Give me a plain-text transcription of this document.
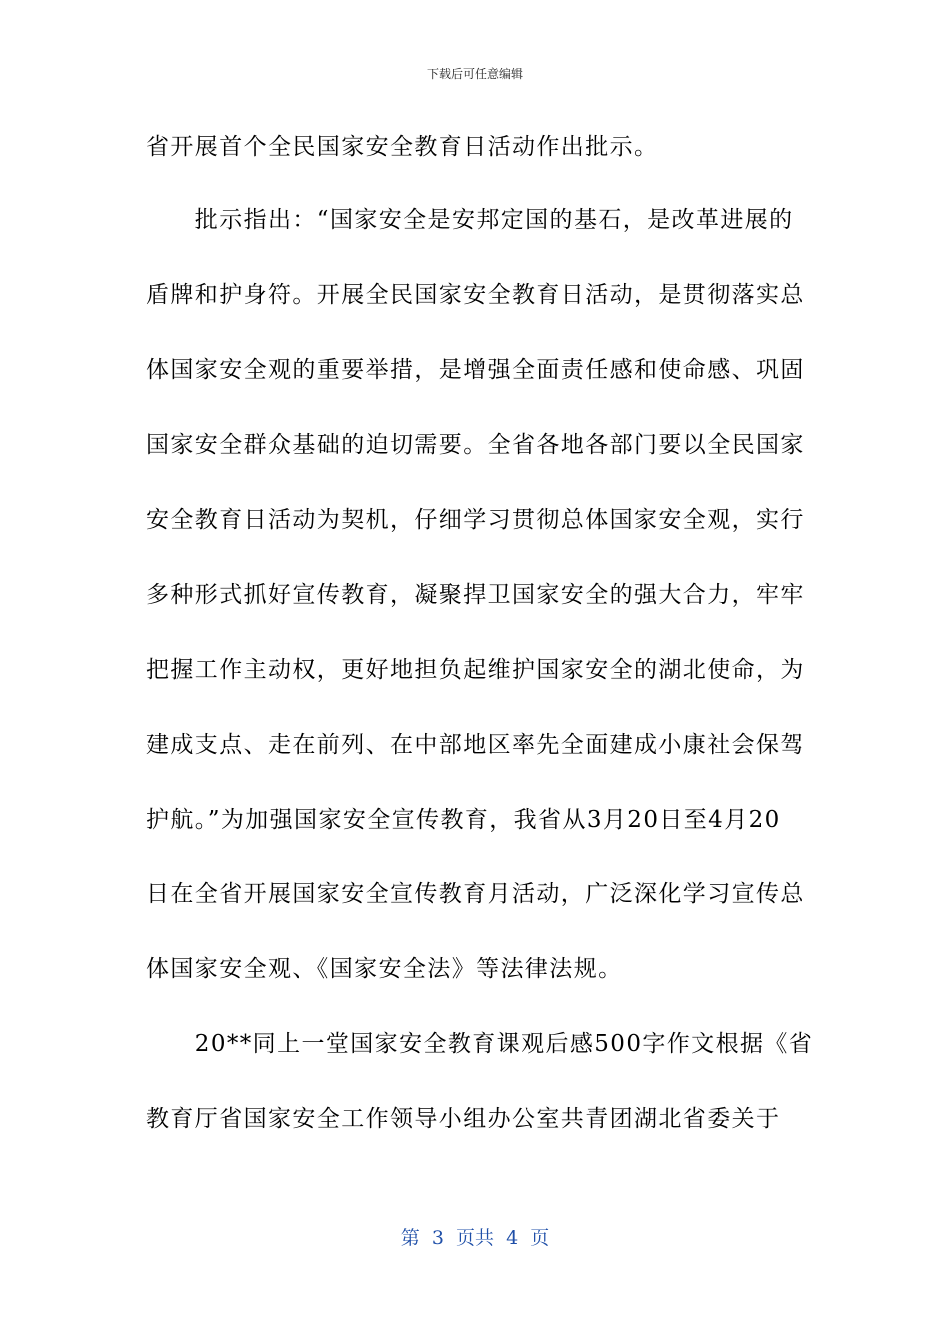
下载后可任意编辑
省开展首个全民国家安全教育日活动作出批示。
　　批示指出：“国家安全是安邦定国的基石，是改革进展的
盾牌和护身符。开展全民国家安全教育日活动，是贯彻落实总
体国家安全观的重要举措，是增强全面责任感和使命感、巩固
国家安全群众基础的迫切需要。全省各地各部门要以全民国家
安全教育日活动为契机，仔细学习贯彻总体国家安全观，实行
多种形式抓好宣传教育，凝聚捍卫国家安全的强大合力，牢牢
把握工作主动权，更好地担负起维护国家安全的湖北使命，为
建成支点、走在前列、在中部地区率先全面建成小康社会保驾
护航。”为加强国家安全宣传教育，我省从3月20日至4月20
日在全省开展国家安全宣传教育月活动，广泛深化学习宣传总
体国家安全观、《国家安全法》等法律法规。
　　20**同上一堂国家安全教育课观后感500字作文根据《省
教育厅省国家安全工作领导小组办公室共青团湖北省委关于
第  3  页共  4  页
